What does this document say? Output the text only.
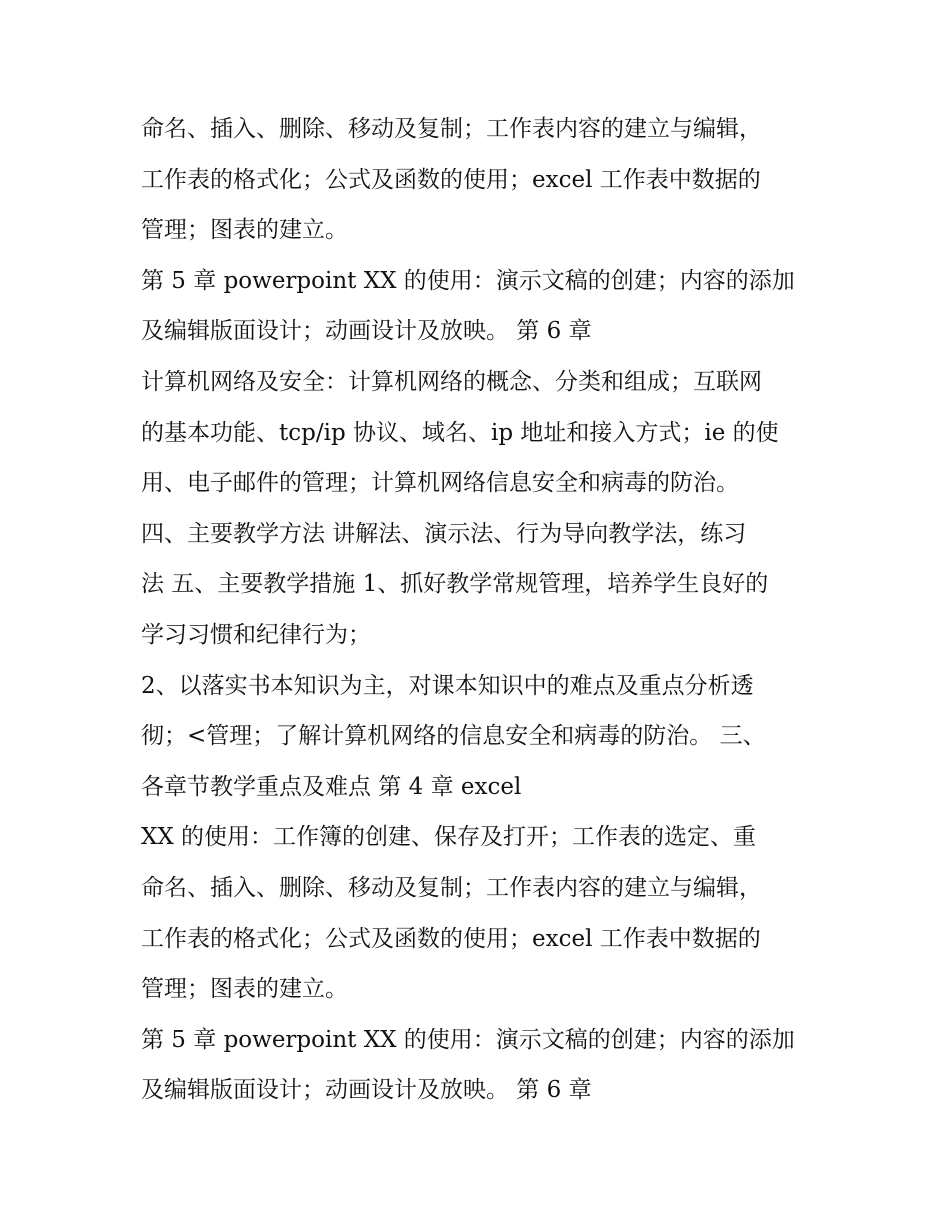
命名、插入、删除、移动及复制；工作表内容的建立与编辑，

工作表的格式化；公式及函数的使用；excel 工作表中数据的

管理；图表的建立。

第 5 章 powerpoint XX 的使用：演示文稿的创建；内容的添加

及编辑版面设计；动画设计及放映。 第 6 章

计算机网络及安全：计算机网络的概念、分类和组成；互联网

的基本功能、tcp/ip 协议、域名、ip 地址和接入方式；ie 的使

用、电子邮件的管理；计算机网络信息安全和病毒的防治。

四、主要教学方法 讲解法、演示法、行为导向教学法，练习

法 五、主要教学措施 1、抓好教学常规管理，培养学生良好的

学习习惯和纪律行为；

2、以落实书本知识为主，对课本知识中的难点及重点分析透

彻；<管理；了解计算机网络的信息安全和病毒的防治。 三、

各章节教学重点及难点 第 4 章 excel

XX 的使用：工作簿的创建、保存及打开；工作表的选定、重

命名、插入、删除、移动及复制；工作表内容的建立与编辑，

工作表的格式化；公式及函数的使用；excel 工作表中数据的

管理；图表的建立。

第 5 章 powerpoint XX 的使用：演示文稿的创建；内容的添加

及编辑版面设计；动画设计及放映。 第 6 章
